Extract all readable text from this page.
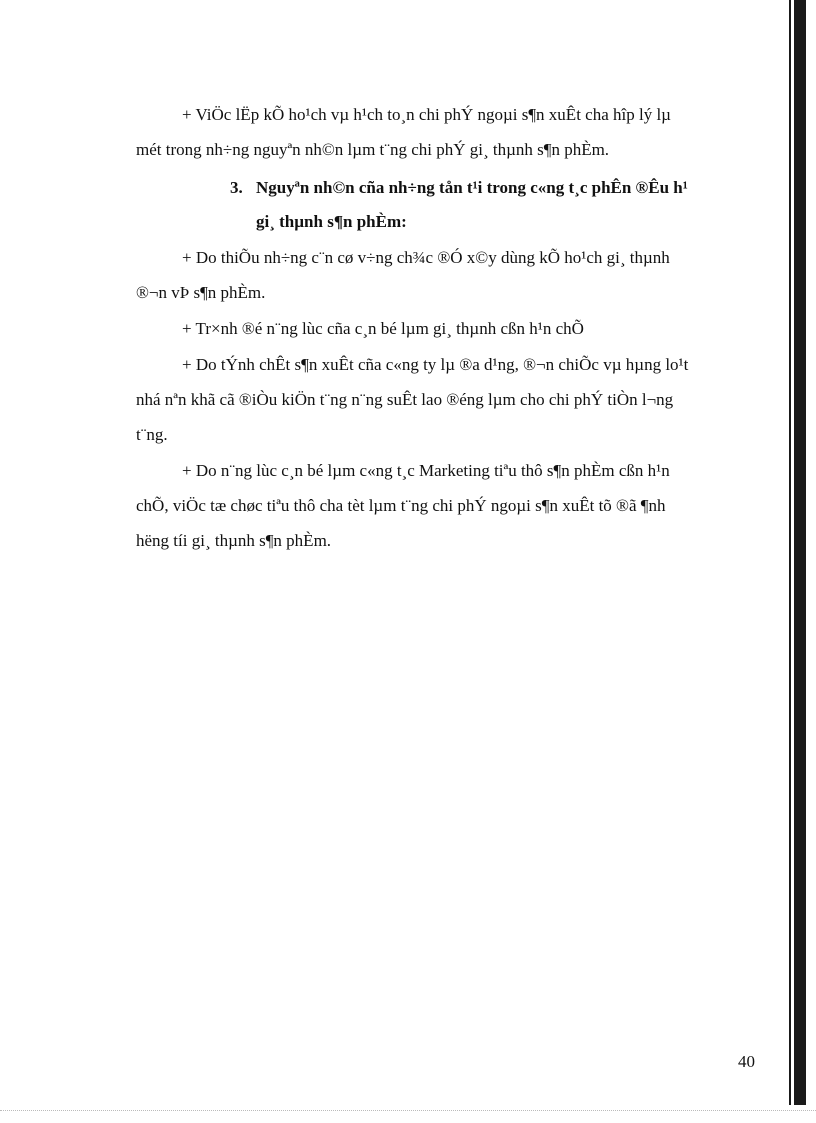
+ ViÖc lËp kÕ ho¹ch vµ h¹ch to¸n chi phÝ ngoµi s¶n xuÊt cha hîp lý lµ
mét trong nh÷ng nguyªn nh©n lµm t¨ng chi phÝ gi¸ thµnh s¶n phÈm.
3. Nguyªn nh©n cña nh÷ng tån t¹i trong c«ng t¸c phÊn ®Êu h¹
gi¸ thµnh s¶n phÈm:
+ Do thiÕu nh÷ng c¨n cø v÷ng ch¾c ®Ó x©y dùng kÕ ho¹ch gi¸ thµnh
®¬n vÞ s¶n phÈm.
+ Tr×nh ®é n¨ng lùc cña c¸n bé lµm gi¸ thµnh cßn h¹n chÕ
+ Do tÝnh chÊt s¶n xuÊt cña c«ng ty lµ ®a d¹ng, ®¬n chiÕc vµ hµng lo¹t
nhá nªn khã cã ®iÒu kiÖn t¨ng n¨ng suÊt lao ®éng lµm cho chi phÝ tiÒn l¬ng
t¨ng.
+ Do n¨ng lùc c¸n bé lµm c«ng t¸c Marketing tiªu thô s¶n phÈm cßn h¹n
chÕ, viÖc tæ chøc tiªu thô cha tèt lµm t¨ng chi phÝ ngoµi s¶n xuÊt tõ ®ã ¶nh
hëng tíi gi¸ thµnh s¶n phÈm.
40
